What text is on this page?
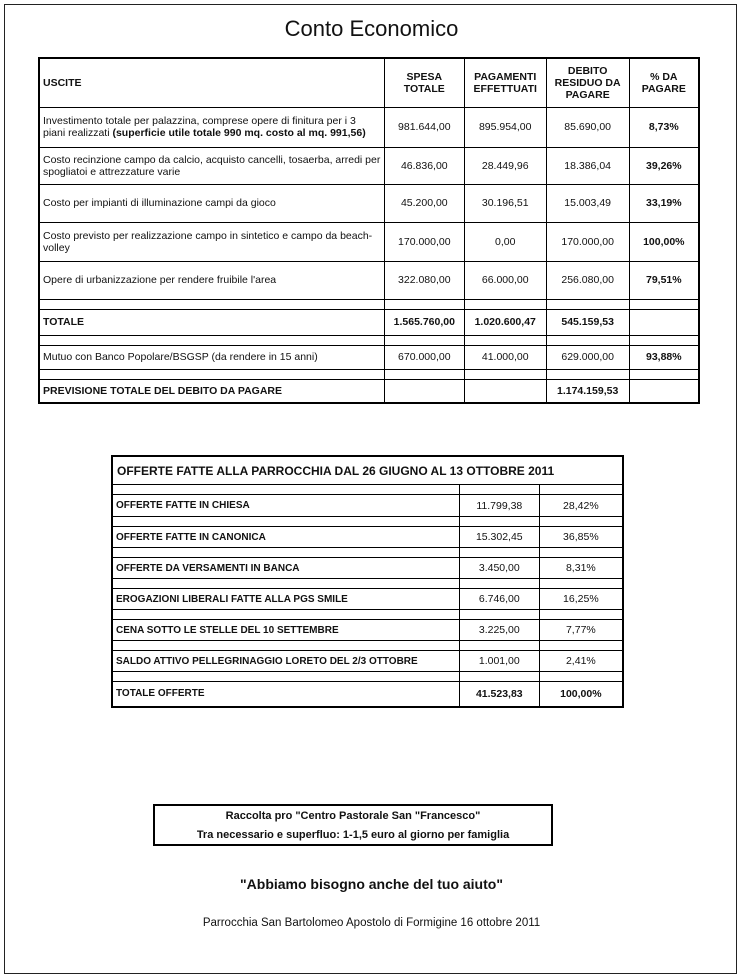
Conto Economico
USCITE	SPESA TOTALE	PAGAMENTI EFFETTUATI	DEBITO RESIDUO DA PAGARE	% DA PAGARE
Investimento totale per palazzina, comprese opere di finitura per i 3 piani realizzati (superficie utile totale 990 mq. costo al mq. 991,56)	981.644,00	895.954,00	85.690,00	8,73%
Costo recinzione campo da calcio, acquisto cancelli, tosaerba, arredi per spogliatoi e attrezzature varie	46.836,00	28.449,96	18.386,04	39,26%
Costo per impianti di illuminazione campi da gioco	45.200,00	30.196,51	15.003,49	33,19%
Costo previsto per realizzazione campo in sintetico e campo da beach-volley	170.000,00	0,00	170.000,00	100,00%
Opere di urbanizzazione per rendere fruibile l'area	322.080,00	66.000,00	256.080,00	79,51%

TOTALE	1.565.760,00	1.020.600,47	545.159,53	

Mutuo con Banco Popolare/BSGSP (da rendere in 15 anni)	670.000,00	41.000,00	629.000,00	93,88%

PREVISIONE TOTALE DEL DEBITO DA PAGARE			1.174.159,53	
OFFERTE FATTE ALLA PARROCCHIA DAL 26 GIUGNO AL 13 OTTOBRE 2011		

OFFERTE FATTE IN CHIESA	11.799,38	28,42%

OFFERTE FATTE IN CANONICA	15.302,45	36,85%

OFFERTE DA VERSAMENTI IN BANCA	3.450,00	8,31%

EROGAZIONI LIBERALI FATTE ALLA PGS SMILE	6.746,00	16,25%

CENA SOTTO LE STELLE DEL 10 SETTEMBRE	3.225,00	7,77%

SALDO ATTIVO PELLEGRINAGGIO LORETO DEL 2/3 OTTOBRE	1.001,00	2,41%

TOTALE OFFERTE	41.523,83	100,00%
Raccolta pro "Centro Pastorale San "Francesco"
Tra necessario e superfluo: 1-1,5 euro al giorno per famiglia
"Abbiamo bisogno anche del tuo aiuto"
Parrocchia San Bartolomeo Apostolo di Formigine 16 ottobre 2011
